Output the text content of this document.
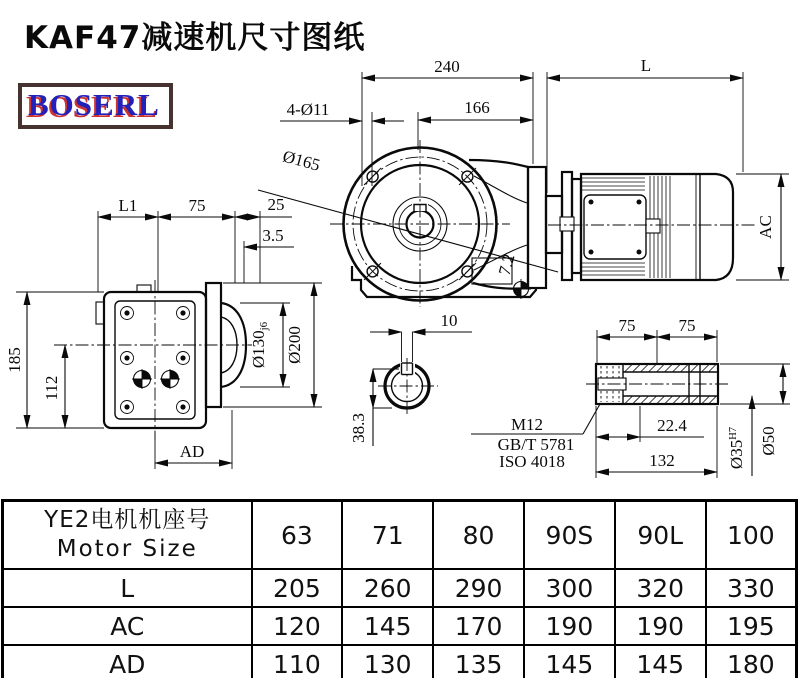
KAF47减速机尺寸图纸
BOSERL
240	L
166
4-Ø11
Ø165
7.2
AC
L1	75	25
3.5
185
112
AD
Ø130j6 Ø200
10
38.3
75	75
22.4
132
Ø50
$Ø35^{H7}$
M12
GB/T 5781
ISO 4018
YE2电机机座号
Motor Size	63	71	80	90S	90L	100
L	205	260	290	300	320	330
AC	120	145	170	190	190	195
AD	110	130	135	145	145	180
